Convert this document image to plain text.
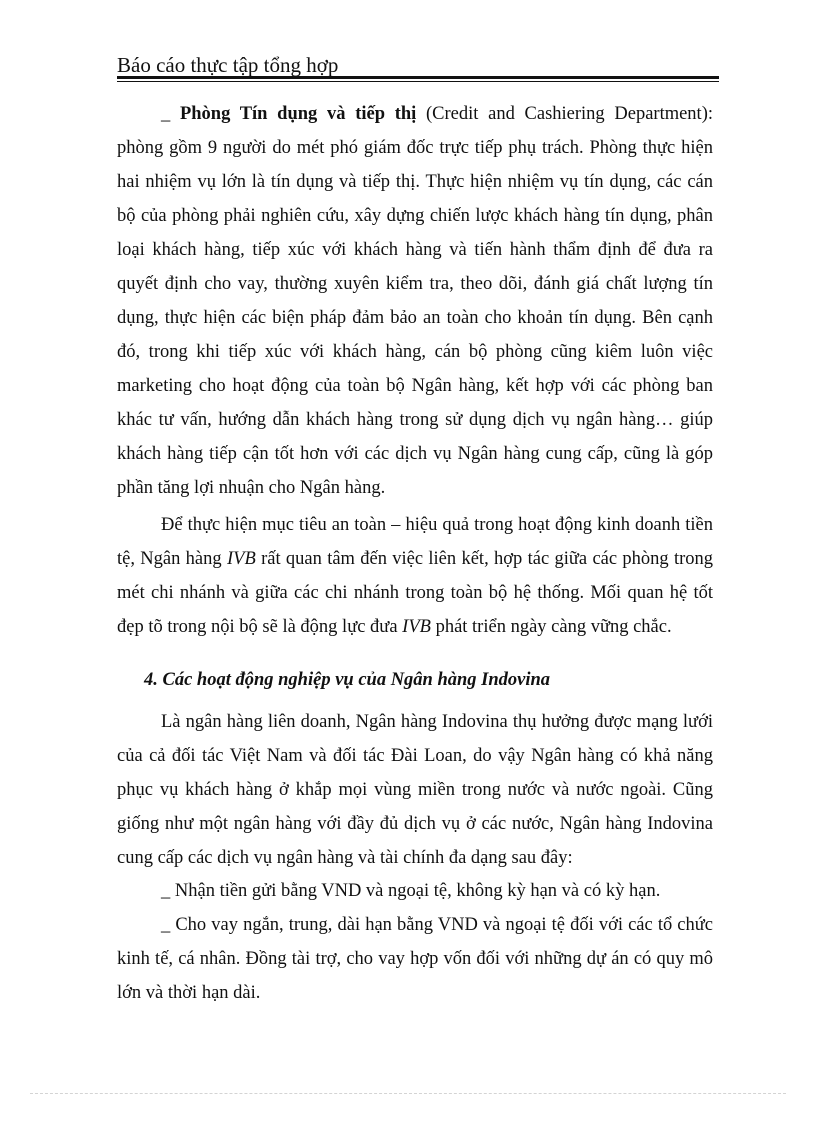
Báo cáo thực tập tổng hợp

_ Phòng Tín dụng và tiếp thị (Credit and Cashiering Department): phòng gồm 9 người do mét phó giám đốc trực tiếp phụ trách. Phòng thực hiện hai nhiệm vụ lớn là tín dụng và tiếp thị. Thực hiện nhiệm vụ tín dụng, các cán bộ của phòng phải nghiên cứu, xây dựng chiến lược khách hàng tín dụng, phân loại khách hàng, tiếp xúc với khách hàng và tiến hành thẩm định để đưa ra quyết định cho vay, thường xuyên kiểm tra, theo dõi, đánh giá chất lượng tín dụng, thực hiện các biện pháp đảm bảo an toàn cho khoản tín dụng. Bên cạnh đó, trong khi tiếp xúc với khách hàng, cán bộ phòng cũng kiêm luôn việc marketing cho hoạt động của toàn bộ Ngân hàng, kết hợp với các phòng ban khác tư vấn, hướng dẫn khách hàng trong sử dụng dịch vụ ngân hàng… giúp khách hàng tiếp cận tốt hơn với các dịch vụ Ngân hàng cung cấp, cũng là góp phần tăng lợi nhuận cho Ngân hàng.

Để thực hiện mục tiêu an toàn – hiệu quả trong hoạt động kinh doanh tiền tệ, Ngân hàng IVB rất quan tâm đến việc liên kết, hợp tác giữa các phòng trong mét chi nhánh và giữa các chi nhánh trong toàn bộ hệ thống. Mối quan hệ tốt đẹp tõ trong nội bộ sẽ là động lực đưa IVB phát triển ngày càng vững chắc.

4. Các hoạt động nghiệp vụ của Ngân hàng Indovina

Là ngân hàng liên doanh, Ngân hàng Indovina thụ hưởng được mạng lưới của cả đối tác Việt Nam và đối tác Đài Loan, do vậy Ngân hàng có khả năng phục vụ khách hàng ở khắp mọi vùng miền trong nước và nước ngoài. Cũng giống như một ngân hàng với đầy đủ dịch vụ ở các nước, Ngân hàng Indovina cung cấp các dịch vụ ngân hàng và tài chính đa dạng sau đây:

_ Nhận tiền gửi bằng VND và ngoại tệ, không kỳ hạn và có kỳ hạn.

_ Cho vay ngắn, trung, dài hạn bằng VND và ngoại tệ đối với các tổ chức kinh tế, cá nhân. Đồng tài trợ, cho vay hợp vốn đối với những dự án có quy mô lớn và thời hạn dài.
